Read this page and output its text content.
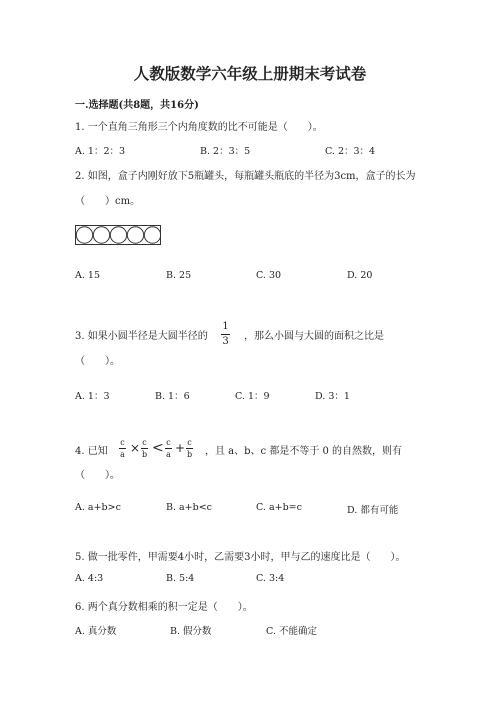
人教版数学六年级上册期末考试卷
一.选择题(共8题，共16分)
1. 一个直角三角形三个内角度数的比不可能是（　　）。
A. 1：2：3	B. 2：3：5	C. 2：3：4
2. 如图，盒子内刚好放下5瓶罐头，每瓶罐头瓶底的半径为3cm，盒子的长为
（　　）cm。
A. 15	B. 25	C. 30	D. 20
3. 如果小圆半径是大圆半径的
1
3 ，那么小圆与大圆的面积之比是
（　　）。
A. 1：3	B. 1：6	C. 1：9	D. 3：1
4. 已知
c
a × c
b < c
a + c
b ，且 a、b、c 都是不等于 0 的自然数，则有
（　　）。
A. a+b>c	B. a+b<c	C. a+b=c	D. 都有可能
5. 做一批零件，甲需要4小时，乙需要3小时，甲与乙的速度比是（　　）。
A. 4:3	B. 5:4	C. 3:4
6. 两个真分数相乘的积一定是（　　）。
A. 真分数	B. 假分数	C. 不能确定
